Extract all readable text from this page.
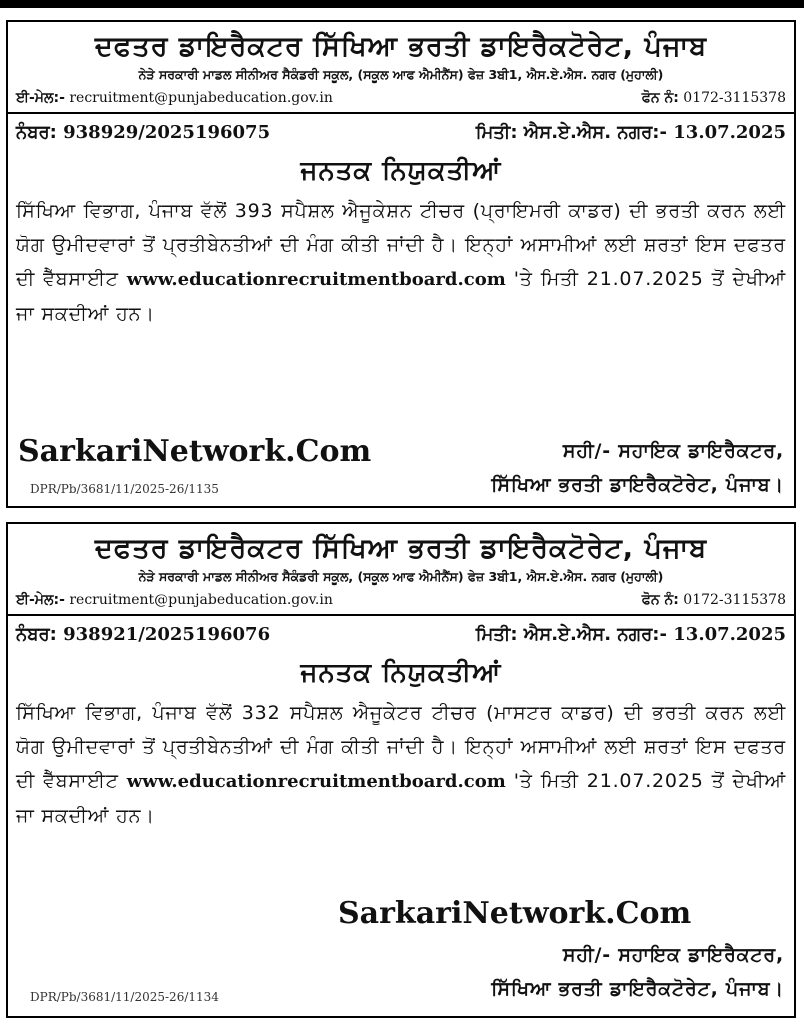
ਦਫਤਰ ਡਾਇਰੈਕਟਰ ਸਿੱਖਿਆ ਭਰਤੀ ਡਾਇਰੈਕਟੋਰੇਟ, ਪੰਜਾਬ
ਨੇੜੇ ਸਰਕਾਰੀ ਮਾਡਲ ਸੀਨੀਅਰ ਸੈਕੰਡਰੀ ਸਕੂਲ, (ਸਕੂਲ ਆਫ ਐਮੀਨੈਂਸ) ਫੇਜ਼ 3ਬੀ1, ਐਸ.ਏ.ਐਸ. ਨਗਰ (ਮੁਹਾਲੀ)
ਈ-ਮੇਲ:- recruitment@punjabeducation.gov.in	ਫੋਨ ਨੰ: 0172-3115378
ਨੰਬਰ: 938929/2025196075	ਮਿਤੀ: ਐਸ.ਏ.ਐਸ. ਨਗਰ:- 13.07.2025
ਜਨਤਕ ਨਿਯੁਕਤੀਆਂ
ਸਿੱਖਿਆ ਵਿਭਾਗ, ਪੰਜਾਬ ਵੱਲੋਂ 393 ਸਪੈਸ਼ਲ ਐਜੂਕੇਸ਼ਨ ਟੀਚਰ (ਪ੍ਰਾਇਮਰੀ ਕਾਡਰ) ਦੀ ਭਰਤੀ ਕਰਨ ਲਈ ਯੋਗ ਉਮੀਦਵਾਰਾਂ ਤੋਂ ਪ੍ਰਤੀਬੇਨਤੀਆਂ ਦੀ ਮੰਗ ਕੀਤੀ ਜਾਂਦੀ ਹੈ। ਇਨ੍ਹਾਂ ਅਸਾਮੀਆਂ ਲਈ ਸ਼ਰਤਾਂ ਇਸ ਦਫਤਰ ਦੀ ਵੈੱਬਸਾਈਟ www.educationrecruitmentboard.com 'ਤੇ ਮਿਤੀ 21.07.2025 ਤੋਂ ਦੇਖੀਆਂ ਜਾ ਸਕਦੀਆਂ ਹਨ।
SarkariNetwork.Com	ਸਹੀ/- ਸਹਾਇਕ ਡਾਇਰੈਕਟਰ,
ਸਿੱਖਿਆ ਭਰਤੀ ਡਾਇਰੈਕਟੋਰੇਟ, ਪੰਜਾਬ।
DPR/Pb/3681/11/2025-26/1135
ਦਫਤਰ ਡਾਇਰੈਕਟਰ ਸਿੱਖਿਆ ਭਰਤੀ ਡਾਇਰੈਕਟੋਰੇਟ, ਪੰਜਾਬ
ਨੇੜੇ ਸਰਕਾਰੀ ਮਾਡਲ ਸੀਨੀਅਰ ਸੈਕੰਡਰੀ ਸਕੂਲ, (ਸਕੂਲ ਆਫ ਐਮੀਨੈਂਸ) ਫੇਜ਼ 3ਬੀ1, ਐਸ.ਏ.ਐਸ. ਨਗਰ (ਮੁਹਾਲੀ)
ਈ-ਮੇਲ:- recruitment@punjabeducation.gov.in	ਫੋਨ ਨੰ: 0172-3115378
ਨੰਬਰ: 938921/2025196076	ਮਿਤੀ: ਐਸ.ਏ.ਐਸ. ਨਗਰ:- 13.07.2025
ਜਨਤਕ ਨਿਯੁਕਤੀਆਂ
ਸਿੱਖਿਆ ਵਿਭਾਗ, ਪੰਜਾਬ ਵੱਲੋਂ 332 ਸਪੈਸ਼ਲ ਐਜੂਕੇਟਰ ਟੀਚਰ (ਮਾਸਟਰ ਕਾਡਰ) ਦੀ ਭਰਤੀ ਕਰਨ ਲਈ ਯੋਗ ਉਮੀਦਵਾਰਾਂ ਤੋਂ ਪ੍ਰਤੀਬੇਨਤੀਆਂ ਦੀ ਮੰਗ ਕੀਤੀ ਜਾਂਦੀ ਹੈ। ਇਨ੍ਹਾਂ ਅਸਾਮੀਆਂ ਲਈ ਸ਼ਰਤਾਂ ਇਸ ਦਫਤਰ ਦੀ ਵੈੱਬਸਾਈਟ www.educationrecruitmentboard.com 'ਤੇ ਮਿਤੀ 21.07.2025 ਤੋਂ ਦੇਖੀਆਂ ਜਾ ਸਕਦੀਆਂ ਹਨ।
SarkariNetwork.Com
ਸਹੀ/- ਸਹਾਇਕ ਡਾਇਰੈਕਟਰ,
ਸਿੱਖਿਆ ਭਰਤੀ ਡਾਇਰੈਕਟੋਰੇਟ, ਪੰਜਾਬ।
DPR/Pb/3681/11/2025-26/1134
